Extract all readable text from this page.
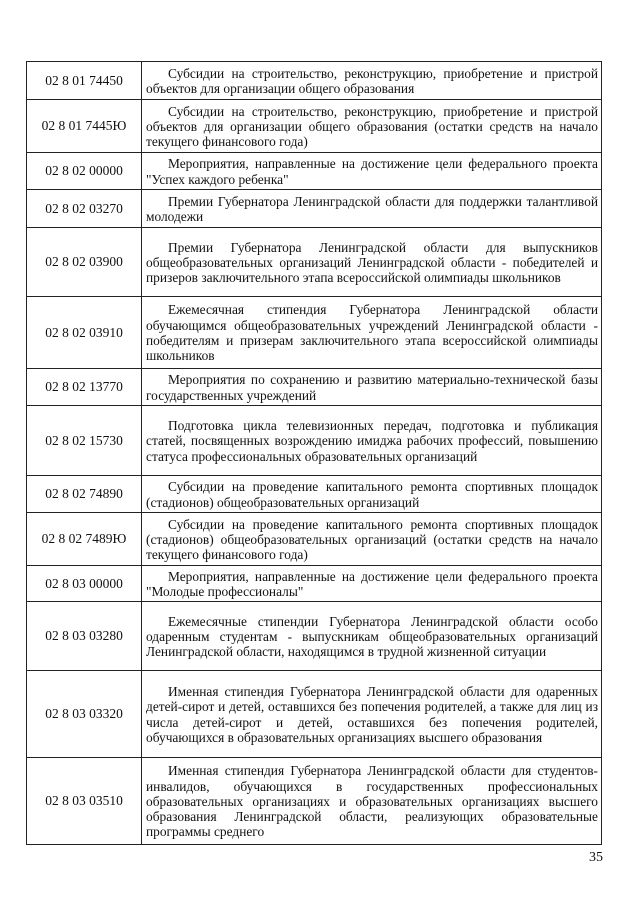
02 8 01 74450	Субсидии на строительство, реконструкцию, приобретение и пристрой объектов для организации общего образования
02 8 01 7445Ю	Субсидии на строительство, реконструкцию, приобретение и пристрой объектов для организации общего образования (остатки средств на начало текущего финансового года)
02 8 02 00000	Мероприятия, направленные на достижение цели федерального проекта "Успех каждого ребенка"
02 8 02 03270	Премии Губернатора Ленинградской области для поддержки талантливой молодежи
02 8 02 03900	Премии Губернатора Ленинградской области для выпускников общеобразовательных организаций Ленинградской области - победителей и призеров заключительного этапа всероссийской олимпиады школьников
02 8 02 03910	Ежемесячная стипендия Губернатора Ленинградской области обучающимся общеобразовательных учреждений Ленинградской области - победителям и призерам заключительного этапа всероссийской олимпиады школьников
02 8 02 13770	Мероприятия по сохранению и развитию материально-технической базы государственных учреждений
02 8 02 15730	Подготовка цикла телевизионных передач, подготовка и публикация статей, посвященных возрождению имиджа рабочих профессий, повышению статуса профессиональных образовательных организаций
02 8 02 74890	Субсидии на проведение капитального ремонта спортивных площадок (стадионов) общеобразовательных организаций
02 8 02 7489Ю	Субсидии на проведение капитального ремонта спортивных площадок (стадионов) общеобразовательных организаций (остатки средств на начало текущего финансового года)
02 8 03 00000	Мероприятия, направленные на достижение цели федерального проекта "Молодые профессионалы"
02 8 03 03280	Ежемесячные стипендии Губернатора Ленинградской области особо одаренным студентам - выпускникам общеобразовательных организаций Ленинградской области, находящимся в трудной жизненной ситуации
02 8 03 03320	Именная стипендия Губернатора Ленинградской области для одаренных детей-сирот и детей, оставшихся без попечения родителей, а также для лиц из числа детей-сирот и детей, оставшихся без попечения родителей, обучающихся в образовательных организациях высшего образования
02 8 03 03510	Именная стипендия Губернатора Ленинградской области для студентов-инвалидов, обучающихся в государственных профессиональных образовательных организациях и образовательных организациях высшего образования Ленинградской области, реализующих образовательные программы среднего
35
